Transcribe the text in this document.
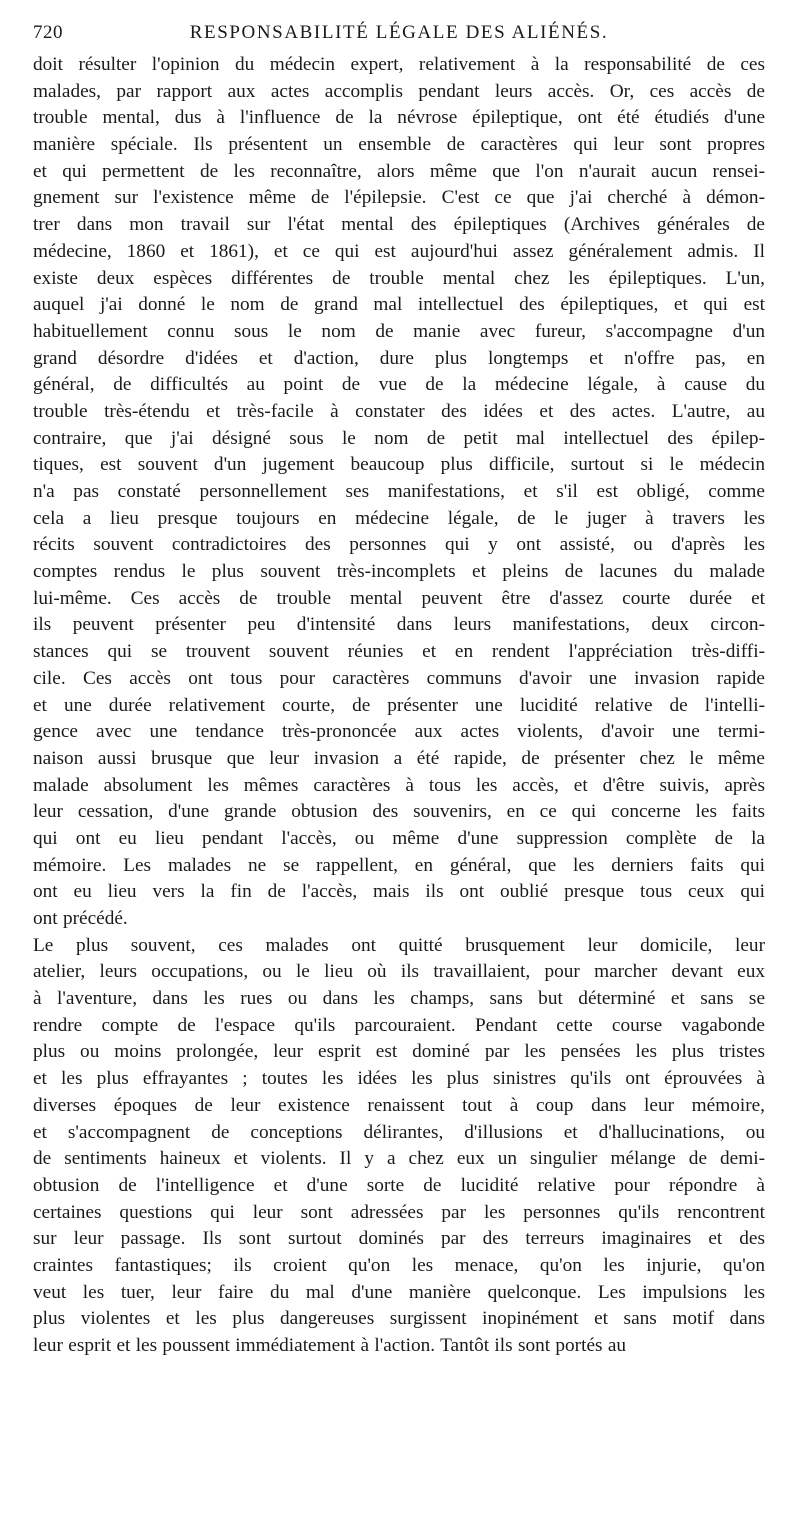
720	RESPONSABILITÉ LÉGALE DES ALIÉNÉS.
doit résulter l'opinion du médecin expert, relativement à la responsabilité de ces
malades, par rapport aux actes accomplis pendant leurs accès. Or, ces accès de
trouble mental, dus à l'influence de la névrose épileptique, ont été étudiés d'une
manière spéciale. Ils présentent un ensemble de caractères qui leur sont propres
et qui permettent de les reconnaître, alors même que l'on n'aurait aucun rensei-
gnement sur l'existence même de l'épilepsie. C'est ce que j'ai cherché à démon-
trer dans mon travail sur l'état mental des épileptiques (Archives générales de
médecine, 1860 et 1861), et ce qui est aujourd'hui assez généralement admis. Il
existe deux espèces différentes de trouble mental chez les épileptiques. L'un,
auquel j'ai donné le nom de grand mal intellectuel des épileptiques, et qui est
habituellement connu sous le nom de manie avec fureur, s'accompagne d'un
grand désordre d'idées et d'action, dure plus longtemps et n'offre pas, en
général, de difficultés au point de vue de la médecine légale, à cause du
trouble très-étendu et très-facile à constater des idées et des actes. L'autre, au
contraire, que j'ai désigné sous le nom de petit mal intellectuel des épilep-
tiques, est souvent d'un jugement beaucoup plus difficile, surtout si le médecin
n'a pas constaté personnellement ses manifestations, et s'il est obligé, comme
cela a lieu presque toujours en médecine légale, de le juger à travers les
récits souvent contradictoires des personnes qui y ont assisté, ou d'après les
comptes rendus le plus souvent très-incomplets et pleins de lacunes du malade
lui-même. Ces accès de trouble mental peuvent être d'assez courte durée et
ils peuvent présenter peu d'intensité dans leurs manifestations, deux circon-
stances qui se trouvent souvent réunies et en rendent l'appréciation très-diffi-
cile. Ces accès ont tous pour caractères communs d'avoir une invasion rapide
et une durée relativement courte, de présenter une lucidité relative de l'intelli-
gence avec une tendance très-prononcée aux actes violents, d'avoir une termi-
naison aussi brusque que leur invasion a été rapide, de présenter chez le même
malade absolument les mêmes caractères à tous les accès, et d'être suivis, après
leur cessation, d'une grande obtusion des souvenirs, en ce qui concerne les faits
qui ont eu lieu pendant l'accès, ou même d'une suppression complète de la
mémoire. Les malades ne se rappellent, en général, que les derniers faits qui
ont eu lieu vers la fin de l'accès, mais ils ont oublié presque tous ceux qui
ont précédé.
Le plus souvent, ces malades ont quitté brusquement leur domicile, leur
atelier, leurs occupations, ou le lieu où ils travaillaient, pour marcher devant eux
à l'aventure, dans les rues ou dans les champs, sans but déterminé et sans se
rendre compte de l'espace qu'ils parcouraient. Pendant cette course vagabonde
plus ou moins prolongée, leur esprit est dominé par les pensées les plus tristes
et les plus effrayantes ; toutes les idées les plus sinistres qu'ils ont éprouvées à
diverses époques de leur existence renaissent tout à coup dans leur mémoire,
et s'accompagnent de conceptions délirantes, d'illusions et d'hallucinations, ou
de sentiments haineux et violents. Il y a chez eux un singulier mélange de demi-
obtusion de l'intelligence et d'une sorte de lucidité relative pour répondre à
certaines questions qui leur sont adressées par les personnes qu'ils rencontrent
sur leur passage. Ils sont surtout dominés par des terreurs imaginaires et des
craintes fantastiques; ils croient qu'on les menace, qu'on les injurie, qu'on
veut les tuer, leur faire du mal d'une manière quelconque. Les impulsions les
plus violentes et les plus dangereuses surgissent inopinément et sans motif dans
leur esprit et les poussent immédiatement à l'action. Tantôt ils sont portés au
